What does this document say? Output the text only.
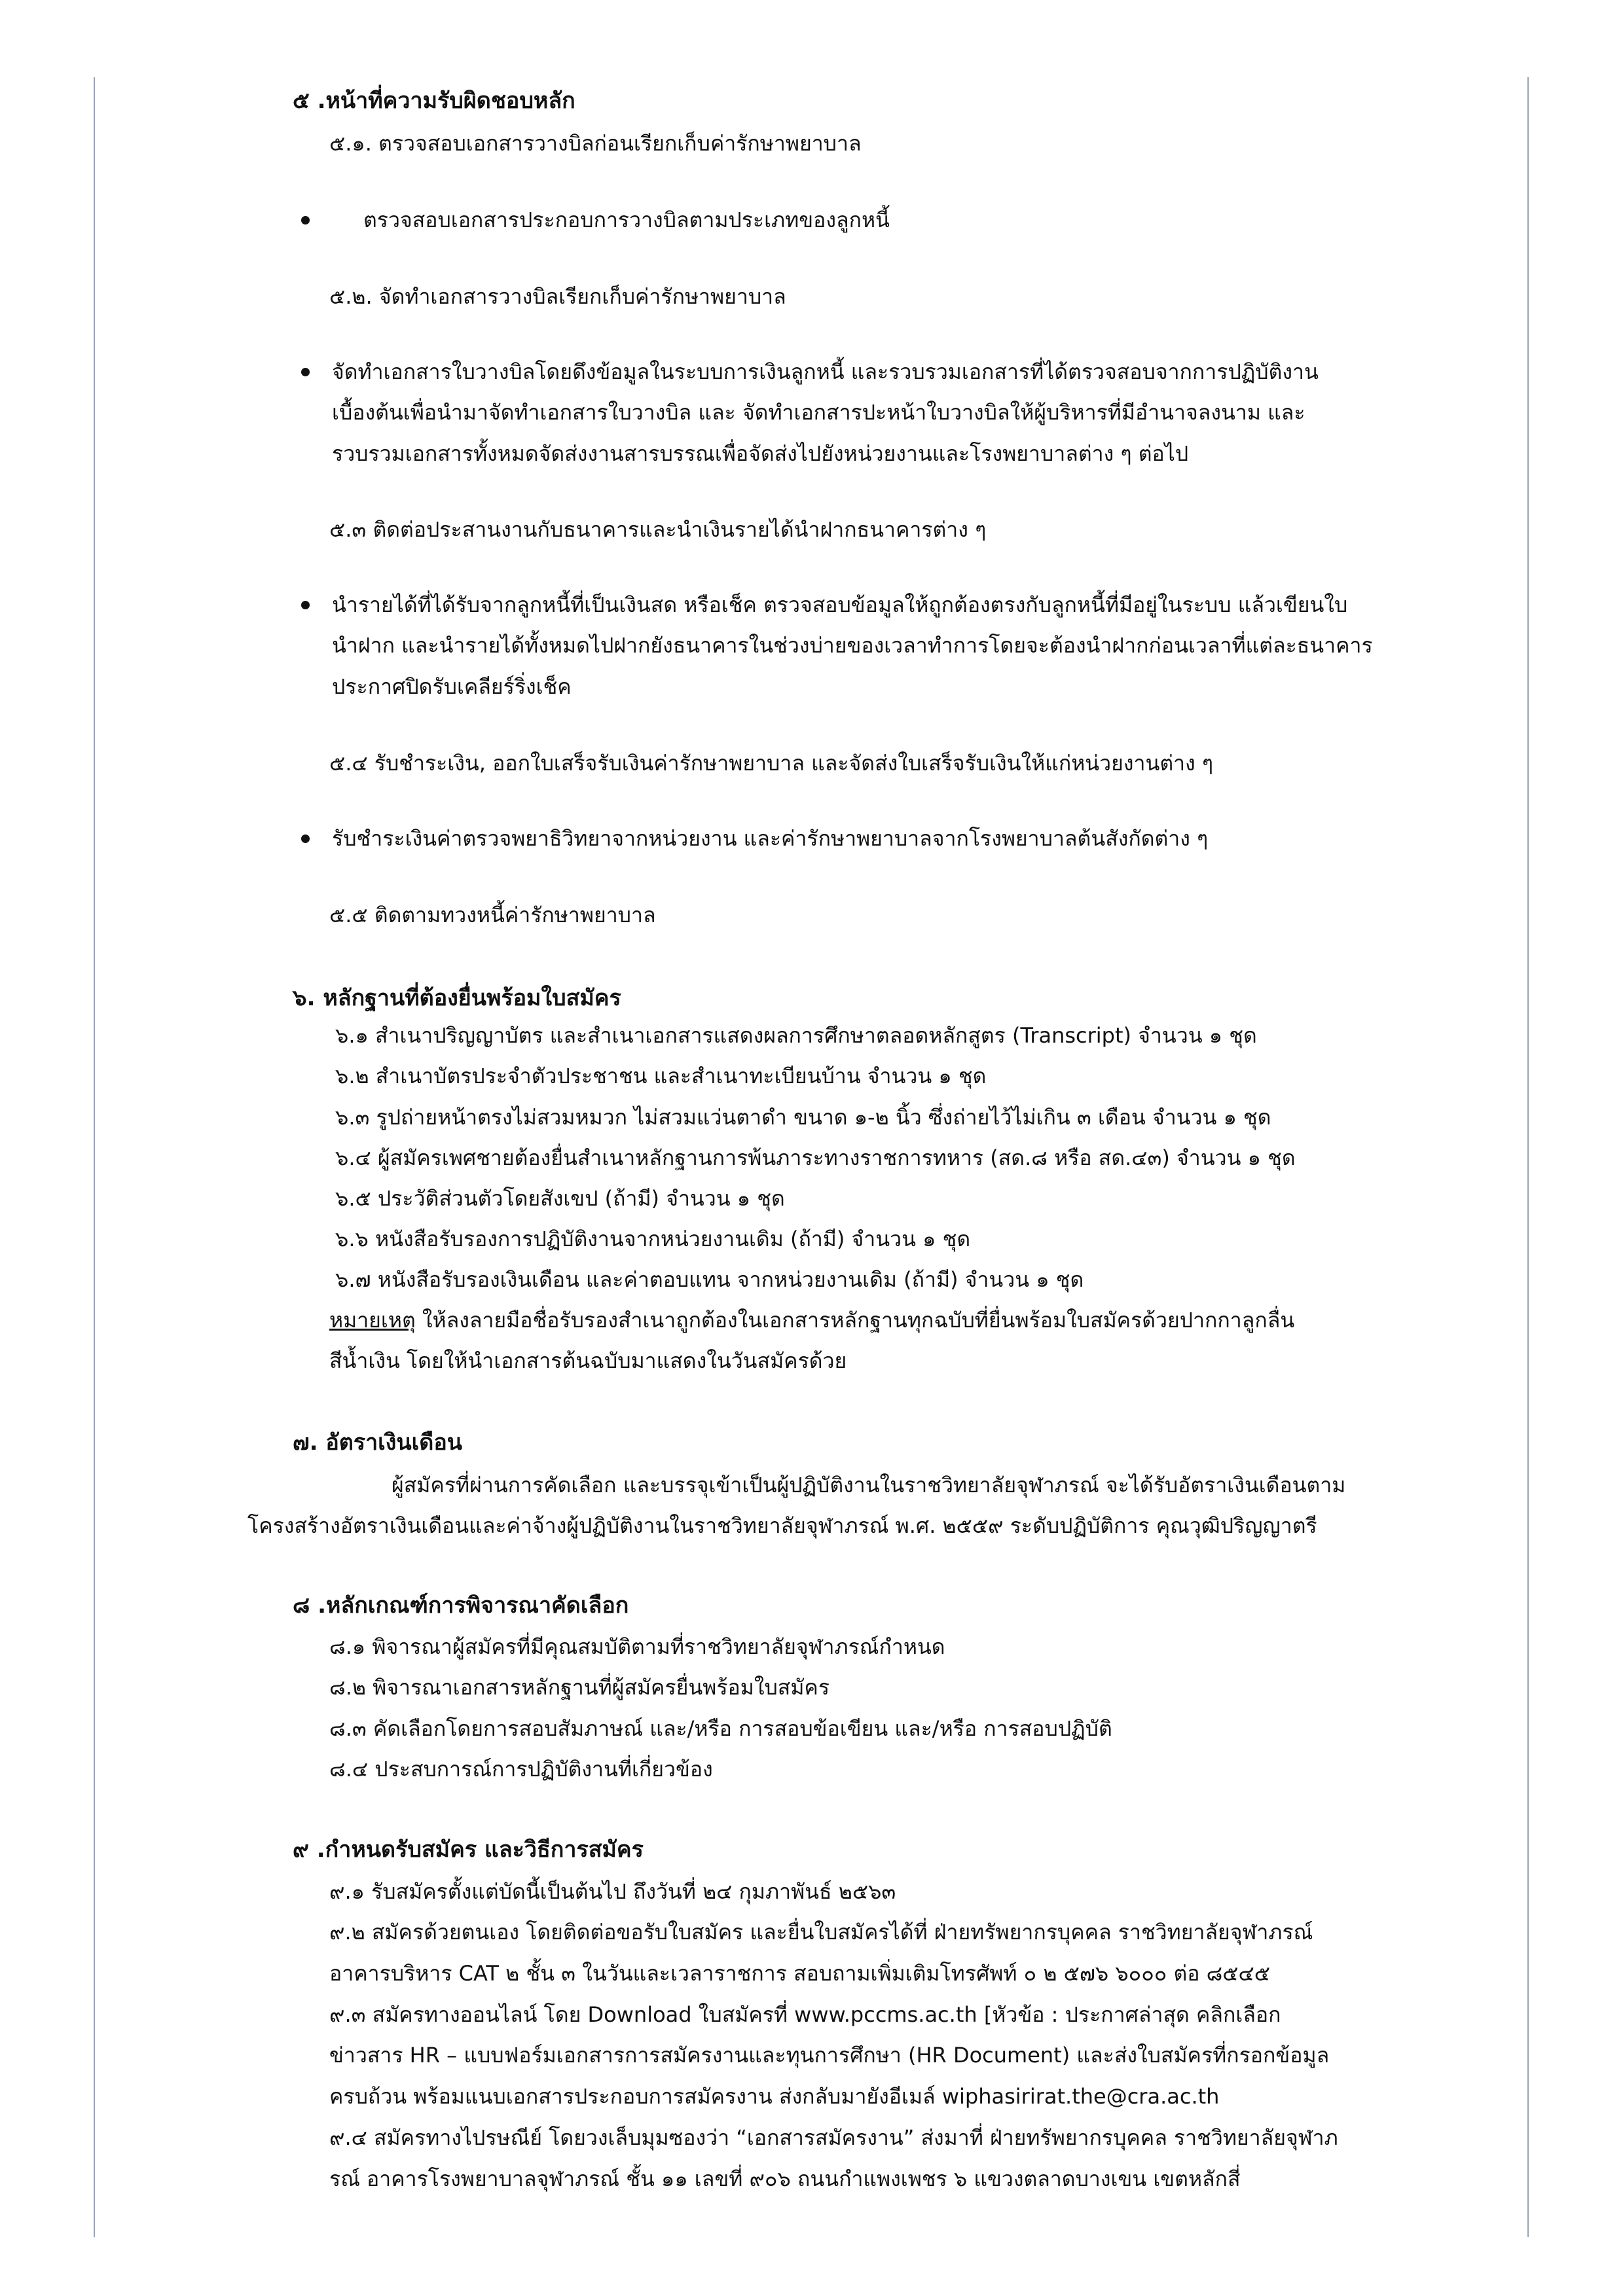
๕ .หน้าที่ความรับผิดชอบหลัก
๕.๑. ตรวจสอบเอกสารวางบิลก่อนเรียกเก็บค่ารักษาพยาบาล
ตรวจสอบเอกสารประกอบการวางบิลตามประเภทของลูกหนี้
๕.๒. จัดทำเอกสารวางบิลเรียกเก็บค่ารักษาพยาบาล
จัดทำเอกสารใบวางบิลโดยดึงข้อมูลในระบบการเงินลูกหนี้ และรวบรวมเอกสารที่ได้ตรวจสอบจากการปฏิบัติงาน
เบื้องต้นเพื่อนำมาจัดทำเอกสารใบวางบิล และ จัดทำเอกสารปะหน้าใบวางบิลให้ผู้บริหารที่มีอำนาจลงนาม และ
รวบรวมเอกสารทั้งหมดจัดส่งงานสารบรรณเพื่อจัดส่งไปยังหน่วยงานและโรงพยาบาลต่าง ๆ ต่อไป
๕.๓ ติดต่อประสานงานกับธนาคารและนำเงินรายได้นำฝากธนาคารต่าง ๆ
นำรายได้ที่ได้รับจากลูกหนี้ที่เป็นเงินสด หรือเช็ค ตรวจสอบข้อมูลให้ถูกต้องตรงกับลูกหนี้ที่มีอยู่ในระบบ แล้วเขียนใบ
นำฝาก และนำรายได้ทั้งหมดไปฝากยังธนาคารในช่วงบ่ายของเวลาทำการโดยจะต้องนำฝากก่อนเวลาที่แต่ละธนาคาร
ประกาศปิดรับเคลียร์ริ่งเช็ค
๕.๔ รับชำระเงิน, ออกใบเสร็จรับเงินค่ารักษาพยาบาล และจัดส่งใบเสร็จรับเงินให้แก่หน่วยงานต่าง ๆ
รับชำระเงินค่าตรวจพยาธิวิทยาจากหน่วยงาน และค่ารักษาพยาบาลจากโรงพยาบาลต้นสังกัดต่าง ๆ
๕.๕ ติดตามทวงหนี้ค่ารักษาพยาบาล
๖. หลักฐานที่ต้องยื่นพร้อมใบสมัคร
๖.๑ สำเนาปริญญาบัตร และสำเนาเอกสารแสดงผลการศึกษาตลอดหลักสูตร (Transcript) จำนวน ๑ ชุด
๖.๒ สำเนาบัตรประจำตัวประชาชน และสำเนาทะเบียนบ้าน จำนวน ๑ ชุด
๖.๓ รูปถ่ายหน้าตรงไม่สวมหมวก ไม่สวมแว่นตาดำ ขนาด ๑-๒ นิ้ว ซึ่งถ่ายไว้ไม่เกิน ๓ เดือน จำนวน ๑ ชุด
๖.๔ ผู้สมัครเพศชายต้องยื่นสำเนาหลักฐานการพ้นภาระทางราชการทหาร (สด.๘ หรือ สด.๔๓) จำนวน ๑ ชุด
๖.๕ ประวัติส่วนตัวโดยสังเขป (ถ้ามี) จำนวน ๑ ชุด
๖.๖ หนังสือรับรองการปฏิบัติงานจากหน่วยงานเดิม (ถ้ามี) จำนวน ๑ ชุด
๖.๗ หนังสือรับรองเงินเดือน และค่าตอบแทน จากหน่วยงานเดิม (ถ้ามี) จำนวน ๑ ชุด
หมายเหตุ ให้ลงลายมือชื่อรับรองสำเนาถูกต้องในเอกสารหลักฐานทุกฉบับที่ยื่นพร้อมใบสมัครด้วยปากกาลูกลื่น
สีน้ำเงิน โดยให้นำเอกสารต้นฉบับมาแสดงในวันสมัครด้วย
๗. อัตราเงินเดือน
ผู้สมัครที่ผ่านการคัดเลือก และบรรจุเข้าเป็นผู้ปฏิบัติงานในราชวิทยาลัยจุฬาภรณ์ จะได้รับอัตราเงินเดือนตาม
โครงสร้างอัตราเงินเดือนและค่าจ้างผู้ปฏิบัติงานในราชวิทยาลัยจุฬาภรณ์ พ.ศ. ๒๕๕๙ ระดับปฏิบัติการ คุณวุฒิปริญญาตรี
๘ .หลักเกณฑ์การพิจารณาคัดเลือก
๘.๑ พิจารณาผู้สมัครที่มีคุณสมบัติตามที่ราชวิทยาลัยจุฬาภรณ์กำหนด
๘.๒ พิจารณาเอกสารหลักฐานที่ผู้สมัครยื่นพร้อมใบสมัคร
๘.๓ คัดเลือกโดยการสอบสัมภาษณ์ และ/หรือ การสอบข้อเขียน และ/หรือ การสอบปฏิบัติ
๘.๔ ประสบการณ์การปฏิบัติงานที่เกี่ยวข้อง
๙ .กำหนดรับสมัคร และวิธีการสมัคร
๙.๑ รับสมัครตั้งแต่บัดนี้เป็นต้นไป ถึงวันที่ ๒๔ กุมภาพันธ์ ๒๕๖๓
๙.๒ สมัครด้วยตนเอง โดยติดต่อขอรับใบสมัคร และยื่นใบสมัครได้ที่ ฝ่ายทรัพยากรบุคคล ราชวิทยาลัยจุฬาภรณ์
อาคารบริหาร CAT ๒ ชั้น ๓ ในวันและเวลาราชการ สอบถามเพิ่มเติมโทรศัพท์ ๐ ๒ ๕๗๖ ๖๐๐๐ ต่อ ๘๕๔๕
๙.๓ สมัครทางออนไลน์ โดย Download ใบสมัครที่ www.pccms.ac.th [หัวข้อ : ประกาศล่าสุด คลิกเลือก
ข่าวสาร HR – แบบฟอร์มเอกสารการสมัครงานและทุนการศึกษา (HR Document) และส่งใบสมัครที่กรอกข้อมูล
ครบถ้วน พร้อมแนบเอกสารประกอบการสมัครงาน ส่งกลับมายังอีเมล์ wiphasirirat.the@cra.ac.th
๙.๔ สมัครทางไปรษณีย์ โดยวงเล็บมุมซองว่า “เอกสารสมัครงาน” ส่งมาที่ ฝ่ายทรัพยากรบุคคล ราชวิทยาลัยจุฬาภ
รณ์ อาคารโรงพยาบาลจุฬาภรณ์ ชั้น ๑๑ เลขที่ ๙๐๖ ถนนกำแพงเพชร ๖ แขวงตลาดบางเขน เขตหลักสี่
